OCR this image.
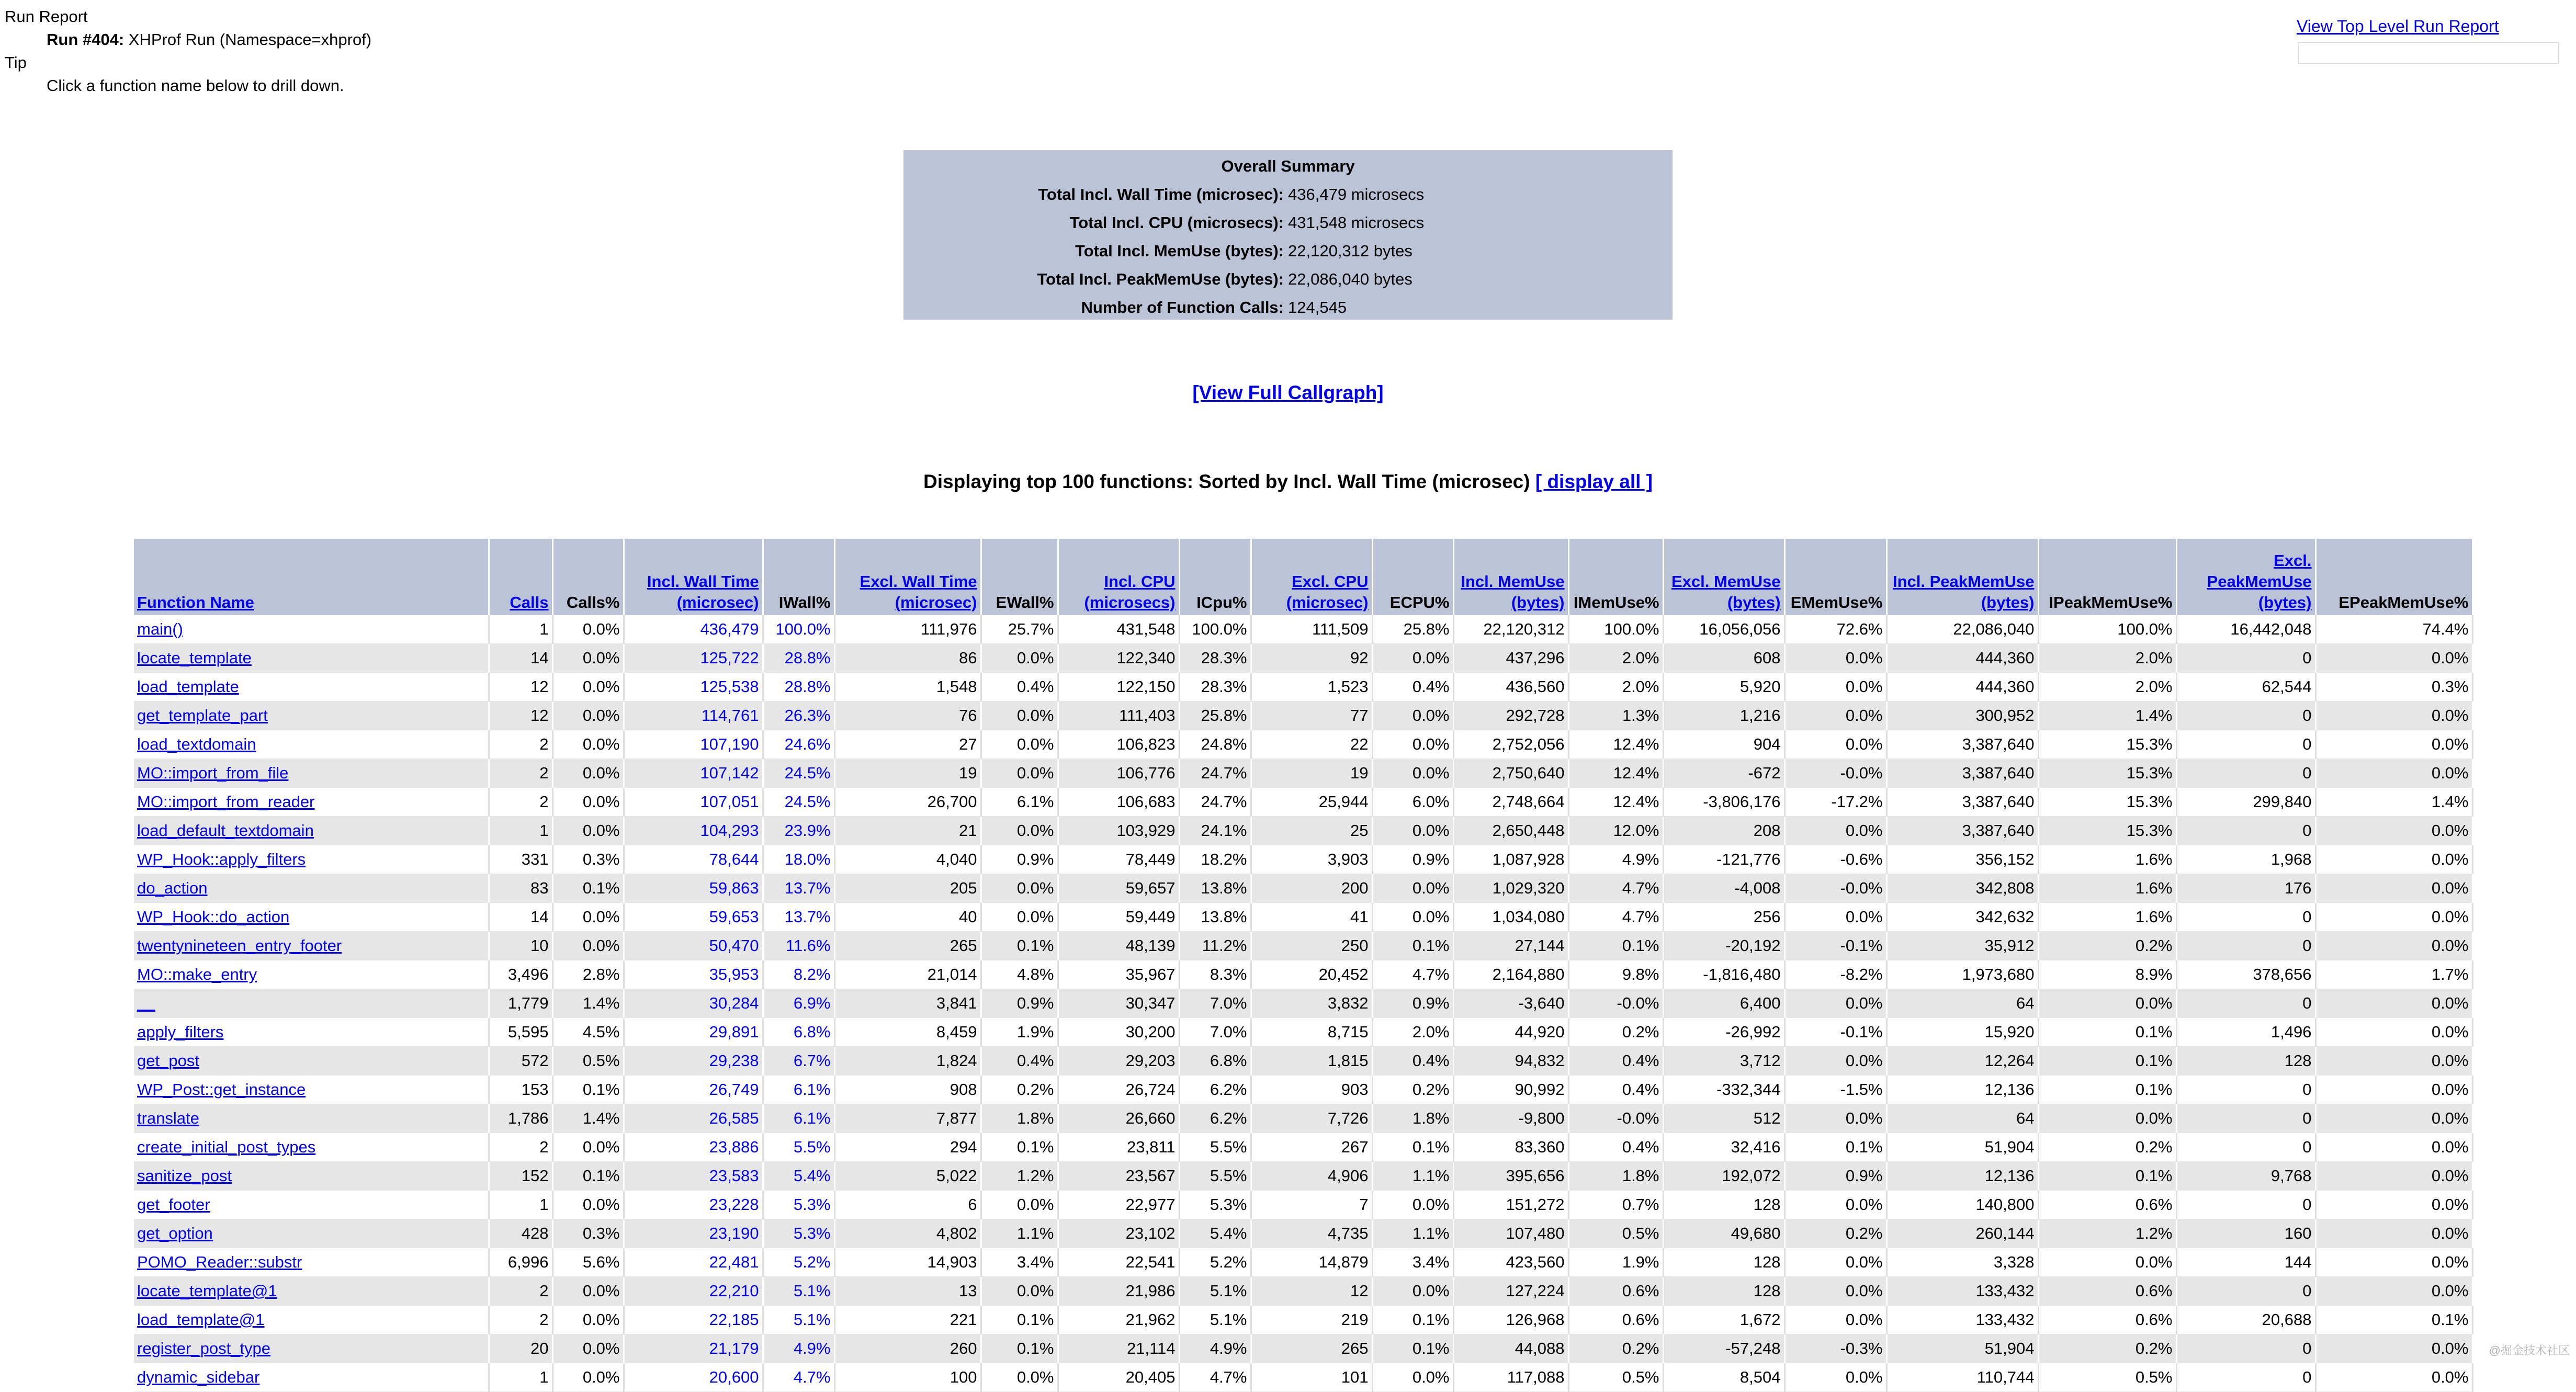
Run Report
Run #404: XHProf Run (Namespace=xhprof)
Tip
Click a function name below to drill down.
View Top Level Run Report
Overall Summary	
Total Incl. Wall Time (microsec):	436,479 microsecs
Total Incl. CPU (microsecs):	431,548 microsecs
Total Incl. MemUse (bytes):	22,120,312 bytes
Total Incl. PeakMemUse (bytes):	22,086,040 bytes
Number of Function Calls:	124,545
[View Full Callgraph]
Displaying top 100 functions: Sorted by Incl. Wall Time (microsec) [ display all ]
Function Name	Calls	Calls%	Incl. Wall Time (microsec)	IWall%	Excl. Wall Time (microsec)	EWall%	Incl. CPU (microsecs)	ICpu%	Excl. CPU (microsec)	ECPU%	Incl. MemUse (bytes)	IMemUse%	Excl. MemUse (bytes)	EMemUse%	Incl. PeakMemUse (bytes)	IPeakMemUse%	Excl. PeakMemUse (bytes)	EPeakMemUse%
main()	1	0.0%	436,479	100.0%	111,976	25.7%	431,548	100.0%	111,509	25.8%	22,120,312	100.0%	16,056,056	72.6%	22,086,040	100.0%	16,442,048	74.4%
locate_template	14	0.0%	125,722	28.8%	86	0.0%	122,340	28.3%	92	0.0%	437,296	2.0%	608	0.0%	444,360	2.0%	0	0.0%
load_template	12	0.0%	125,538	28.8%	1,548	0.4%	122,150	28.3%	1,523	0.4%	436,560	2.0%	5,920	0.0%	444,360	2.0%	62,544	0.3%
get_template_part	12	0.0%	114,761	26.3%	76	0.0%	111,403	25.8%	77	0.0%	292,728	1.3%	1,216	0.0%	300,952	1.4%	0	0.0%
load_textdomain	2	0.0%	107,190	24.6%	27	0.0%	106,823	24.8%	22	0.0%	2,752,056	12.4%	904	0.0%	3,387,640	15.3%	0	0.0%
MO::import_from_file	2	0.0%	107,142	24.5%	19	0.0%	106,776	24.7%	19	0.0%	2,750,640	12.4%	-672	-0.0%	3,387,640	15.3%	0	0.0%
MO::import_from_reader	2	0.0%	107,051	24.5%	26,700	6.1%	106,683	24.7%	25,944	6.0%	2,748,664	12.4%	-3,806,176	-17.2%	3,387,640	15.3%	299,840	1.4%
load_default_textdomain	1	0.0%	104,293	23.9%	21	0.0%	103,929	24.1%	25	0.0%	2,650,448	12.0%	208	0.0%	3,387,640	15.3%	0	0.0%
WP_Hook::apply_filters	331	0.3%	78,644	18.0%	4,040	0.9%	78,449	18.2%	3,903	0.9%	1,087,928	4.9%	-121,776	-0.6%	356,152	1.6%	1,968	0.0%
do_action	83	0.1%	59,863	13.7%	205	0.0%	59,657	13.8%	200	0.0%	1,029,320	4.7%	-4,008	-0.0%	342,808	1.6%	176	0.0%
WP_Hook::do_action	14	0.0%	59,653	13.7%	40	0.0%	59,449	13.8%	41	0.0%	1,034,080	4.7%	256	0.0%	342,632	1.6%	0	0.0%
twentynineteen_entry_footer	10	0.0%	50,470	11.6%	265	0.1%	48,139	11.2%	250	0.1%	27,144	0.1%	-20,192	-0.1%	35,912	0.2%	0	0.0%
MO::make_entry	3,496	2.8%	35,953	8.2%	21,014	4.8%	35,967	8.3%	20,452	4.7%	2,164,880	9.8%	-1,816,480	-8.2%	1,973,680	8.9%	378,656	1.7%
__	1,779	1.4%	30,284	6.9%	3,841	0.9%	30,347	7.0%	3,832	0.9%	-3,640	-0.0%	6,400	0.0%	64	0.0%	0	0.0%
apply_filters	5,595	4.5%	29,891	6.8%	8,459	1.9%	30,200	7.0%	8,715	2.0%	44,920	0.2%	-26,992	-0.1%	15,920	0.1%	1,496	0.0%
get_post	572	0.5%	29,238	6.7%	1,824	0.4%	29,203	6.8%	1,815	0.4%	94,832	0.4%	3,712	0.0%	12,264	0.1%	128	0.0%
WP_Post::get_instance	153	0.1%	26,749	6.1%	908	0.2%	26,724	6.2%	903	0.2%	90,992	0.4%	-332,344	-1.5%	12,136	0.1%	0	0.0%
translate	1,786	1.4%	26,585	6.1%	7,877	1.8%	26,660	6.2%	7,726	1.8%	-9,800	-0.0%	512	0.0%	64	0.0%	0	0.0%
create_initial_post_types	2	0.0%	23,886	5.5%	294	0.1%	23,811	5.5%	267	0.1%	83,360	0.4%	32,416	0.1%	51,904	0.2%	0	0.0%
sanitize_post	152	0.1%	23,583	5.4%	5,022	1.2%	23,567	5.5%	4,906	1.1%	395,656	1.8%	192,072	0.9%	12,136	0.1%	9,768	0.0%
get_footer	1	0.0%	23,228	5.3%	6	0.0%	22,977	5.3%	7	0.0%	151,272	0.7%	128	0.0%	140,800	0.6%	0	0.0%
get_option	428	0.3%	23,190	5.3%	4,802	1.1%	23,102	5.4%	4,735	1.1%	107,480	0.5%	49,680	0.2%	260,144	1.2%	160	0.0%
POMO_Reader::substr	6,996	5.6%	22,481	5.2%	14,903	3.4%	22,541	5.2%	14,879	3.4%	423,560	1.9%	128	0.0%	3,328	0.0%	144	0.0%
locate_template@1	2	0.0%	22,210	5.1%	13	0.0%	21,986	5.1%	12	0.0%	127,224	0.6%	128	0.0%	133,432	0.6%	0	0.0%
load_template@1	2	0.0%	22,185	5.1%	221	0.1%	21,962	5.1%	219	0.1%	126,968	0.6%	1,672	0.0%	133,432	0.6%	20,688	0.1%
register_post_type	20	0.0%	21,179	4.9%	260	0.1%	21,114	4.9%	265	0.1%	44,088	0.2%	-57,248	-0.3%	51,904	0.2%	0	0.0%
dynamic_sidebar	1	0.0%	20,600	4.7%	100	0.0%	20,405	4.7%	101	0.0%	117,088	0.5%	8,504	0.0%	110,744	0.5%	0	0.0%
@掘金技术社区
